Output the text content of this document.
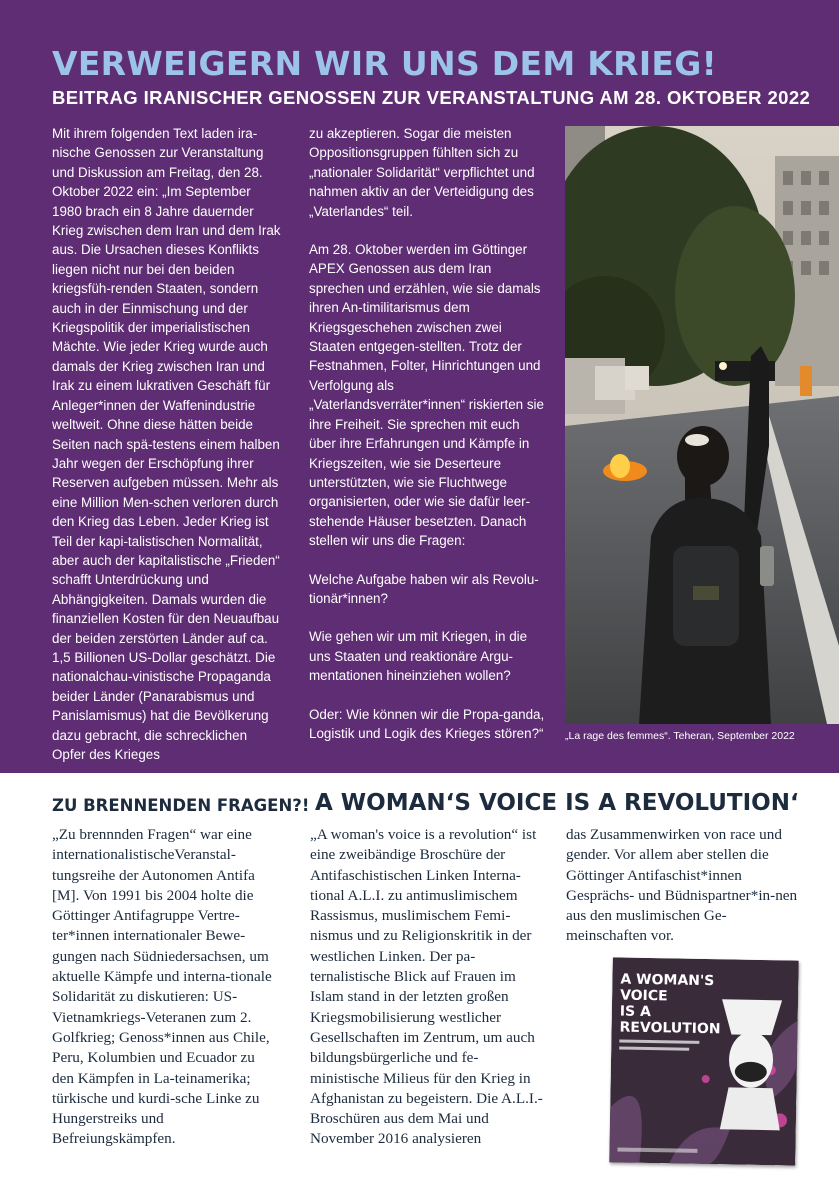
VERWEIGERN WIR UNS DEM KRIEG!
BEITRAG IRANISCHER GENOSSEN ZUR VERANSTALTUNG AM 28. OKTOBER 2022

Mit ihrem folgenden Text laden ira-nische Genossen zur Veranstaltung und Diskussion am Freitag, den 28. Oktober 2022 ein: „Im September 1980 brach ein 8 Jahre dauernder Krieg zwischen dem Iran und dem Irak aus. Die Ursachen dieses Konflikts liegen nicht nur bei den beiden kriegsfüh-renden Staaten, sondern auch in der Einmischung und der Kriegspolitik der imperialistischen Mächte. Wie jeder Krieg wurde auch damals der Krieg zwischen Iran und Irak zu einem lukrativen Geschäft für Anleger*innen der Waffenindustrie weltweit. Ohne diese hätten beide Seiten nach spä-testens einem halben Jahr wegen der Erschöpfung ihrer Reserven aufgeben müssen. Mehr als eine Million Men-schen verloren durch den Krieg das Leben. Jeder Krieg ist Teil der kapi-talistischen Normalität, aber auch der kapitalistische „Frieden“ schafft Unterdrückung und Abhängigkeiten. Damals wurden die finanziellen Kosten für den Neuaufbau der beiden zerstörten Länder auf ca. 1,5 Billionen US-Dollar geschätzt. Die nationalchau-vinistische Propaganda beider Länder (Panarabismus und Panislamismus) hat die Bevölkerung dazu gebracht, die schrecklichen Opfer des Krieges

zu akzeptieren. Sogar die meisten Oppositionsgruppen fühlten sich zu „nationaler Solidarität“ verpflichtet und nahmen aktiv an der Verteidigung des „Vaterlandes“ teil.

Am 28. Oktober werden im Göttinger APEX Genossen aus dem Iran sprechen und erzählen, wie sie damals ihren An-timilitarismus dem Kriegsgeschehen zwischen zwei Staaten entgegen-stellten. Trotz der Festnahmen, Folter, Hinrichtungen und Verfolgung als „Vaterlandsverräter*innen“ riskierten sie ihre Freiheit. Sie sprechen mit euch über ihre Erfahrungen und Kämpfe in Kriegszeiten, wie sie Deserteure unterstützten, wie sie Fluchtwege organisierten, oder wie sie dafür leer-stehende Häuser besetzten. Danach stellen wir uns die Fragen:

Welche Aufgabe haben wir als Revolu-tionär*innen?

Wie gehen wir um mit Kriegen, in die uns Staaten und reaktionäre Argu-mentationen hineinziehen wollen?

Oder: Wie können wir die Propa-ganda, Logistik und Logik des Krieges stören?“	„La rage des femmes“. Teheran, September 2022
ZU BRENNENDEN FRAGEN?! A WOMAN‘S VOICE IS A REVOLUTION‘

„Zu brennnden Fragen“ war eine internationalistischeVeranstal-tungsreihe der Autonomen Antifa [M]. Von 1991 bis 2004 holte die Göttinger Antifagruppe Vertre-ter*innen internationaler Bewe-gungen nach Südniedersachsen, um aktuelle Kämpfe und interna-tionale Solidarität zu diskutieren: US-Vietnamkriegs-Veteranen zum 2. Golfkrieg; Genoss*innen aus Chile, Peru, Kolumbien und Ecuador zu den Kämpfen in La-teinamerika; türkische und kurdi-sche Linke zu Hungerstreiks und Befreiungskämpfen.

„A woman's voice is a revolution“ ist eine zweibändige Broschüre der Antifaschistischen Linken Interna-tional A.L.I. zu antimuslimischem Rassismus, muslimischem Femi-nismus und zu Religionskritik in der westlichen Linken. Der pa-ternalistische Blick auf Frauen im Islam stand in der letzten großen Kriegsmobilisierung westlicher Gesellschaften im Zentrum, um auch bildungsbürgerliche und fe-ministische Milieus für den Krieg in Afghanistan zu begeistern. Die A.L.I.-Broschüren aus dem Mai und November 2016 analysieren

das Zusammenwirken von race und gender. Vor allem aber stellen die Göttinger Antifaschist*innen Gesprächs- und Büdnispartner*in-nen aus den muslimischen Ge-meinschaften vor.

A WOMAN'S
VOICE
IS A
REVOLUTION
